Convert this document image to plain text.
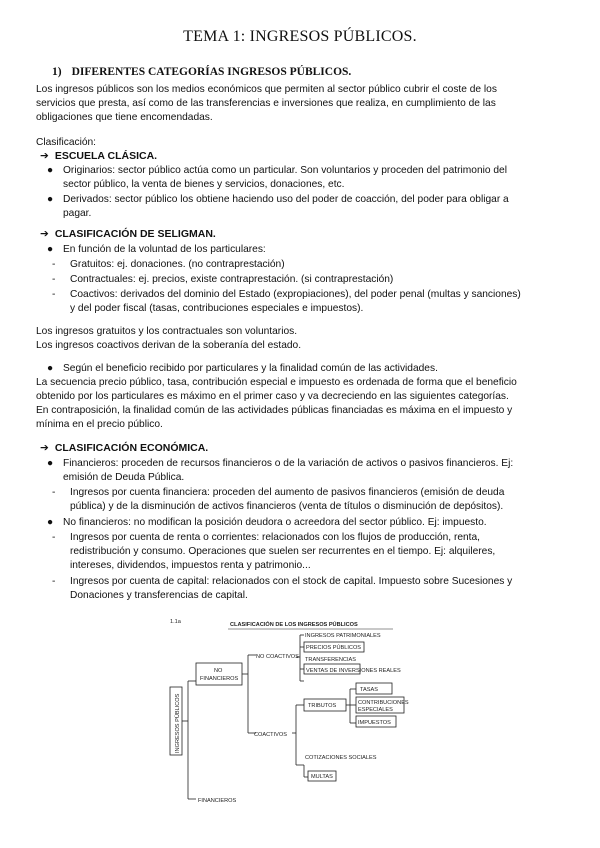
TEMA 1: INGRESOS PÚBLICOS.
1) DIFERENTES CATEGORÍAS INGRESOS PÚBLICOS.
Los ingresos públicos son los medios económicos que permiten al sector público cubrir el coste de los
servicios que presta, así como de las transferencias e inversiones que realiza, en cumplimiento de las
obligaciones que tiene encomendadas.
Clasificación:
➔ ESCUELA CLÁSICA.
● Originarios: sector público actúa como un particular. Son voluntarios y proceden del patrimonio del
sector público, la venta de bienes y servicios, donaciones, etc.
● Derivados: sector público los obtiene haciendo uso del poder de coacción, del poder para obligar a
pagar.
➔ CLASIFICACIÓN DE SELIGMAN.
● En función de la voluntad de los particulares:
- Gratuitos: ej. donaciones. (no contraprestación)
- Contractuales: ej. precios, existe contraprestación. (si contraprestación)
- Coactivos: derivados del dominio del Estado (expropiaciones), del poder penal (multas y sanciones)
y del poder fiscal (tasas, contribuciones especiales e impuestos).
Los ingresos gratuitos y los contractuales son voluntarios.
Los ingresos coactivos derivan de la soberanía del estado.
● Según el beneficio recibido por particulares y la finalidad común de las actividades.
La secuencia precio público, tasa, contribución especial e impuesto es ordenada de forma que el beneficio
obtenido por los particulares es máximo en el primer caso y va decreciendo en las siguientes categorías.
En contraposición, la finalidad común de las actividades públicas financiadas es máxima en el impuesto y
mínima en el precio público.
➔ CLASIFICACIÓN ECONÓMICA.
● Financieros: proceden de recursos financieros o de la variación de activos o pasivos financieros. Ej:
emisión de Deuda Pública.
- Ingresos por cuenta financiera: proceden del aumento de pasivos financieros (emisión de deuda
pública) y de la disminución de activos financieros (venta de títulos o disminución de depósitos).
● No financieros: no modifican la posición deudora o acreedora del sector público. Ej: impuesto.
- Ingresos por cuenta de renta o corrientes: relacionados con los flujos de producción, renta,
redistribución y consumo. Operaciones que suelen ser recurrentes en el tiempo. Ej: alquileres,
intereses, dividendos, impuestos renta y patrimonio...
- Ingresos por cuenta de capital: relacionados con el stock de capital. Impuesto sobre Sucesiones y
Donaciones y transferencias de capital.
1.1a	CLASIFICACIÓN DE LOS INGRESOS PÚBLICOS
INGRESOS PÚBLICOS
NO
FINANCIEROS
FINANCIEROS
NO COACTIVOS
COACTIVOS
INGRESOS PATRIMONIALES
PRECIOS PÚBLICOS
TRANSFERENCIAS
VENTAS DE INVERSIONES REALES
TRIBUTOS
TASAS
CONTRIBUCIONES
ESPECIALES
IMPUESTOS
COTIZACIONES SOCIALES
MULTAS
